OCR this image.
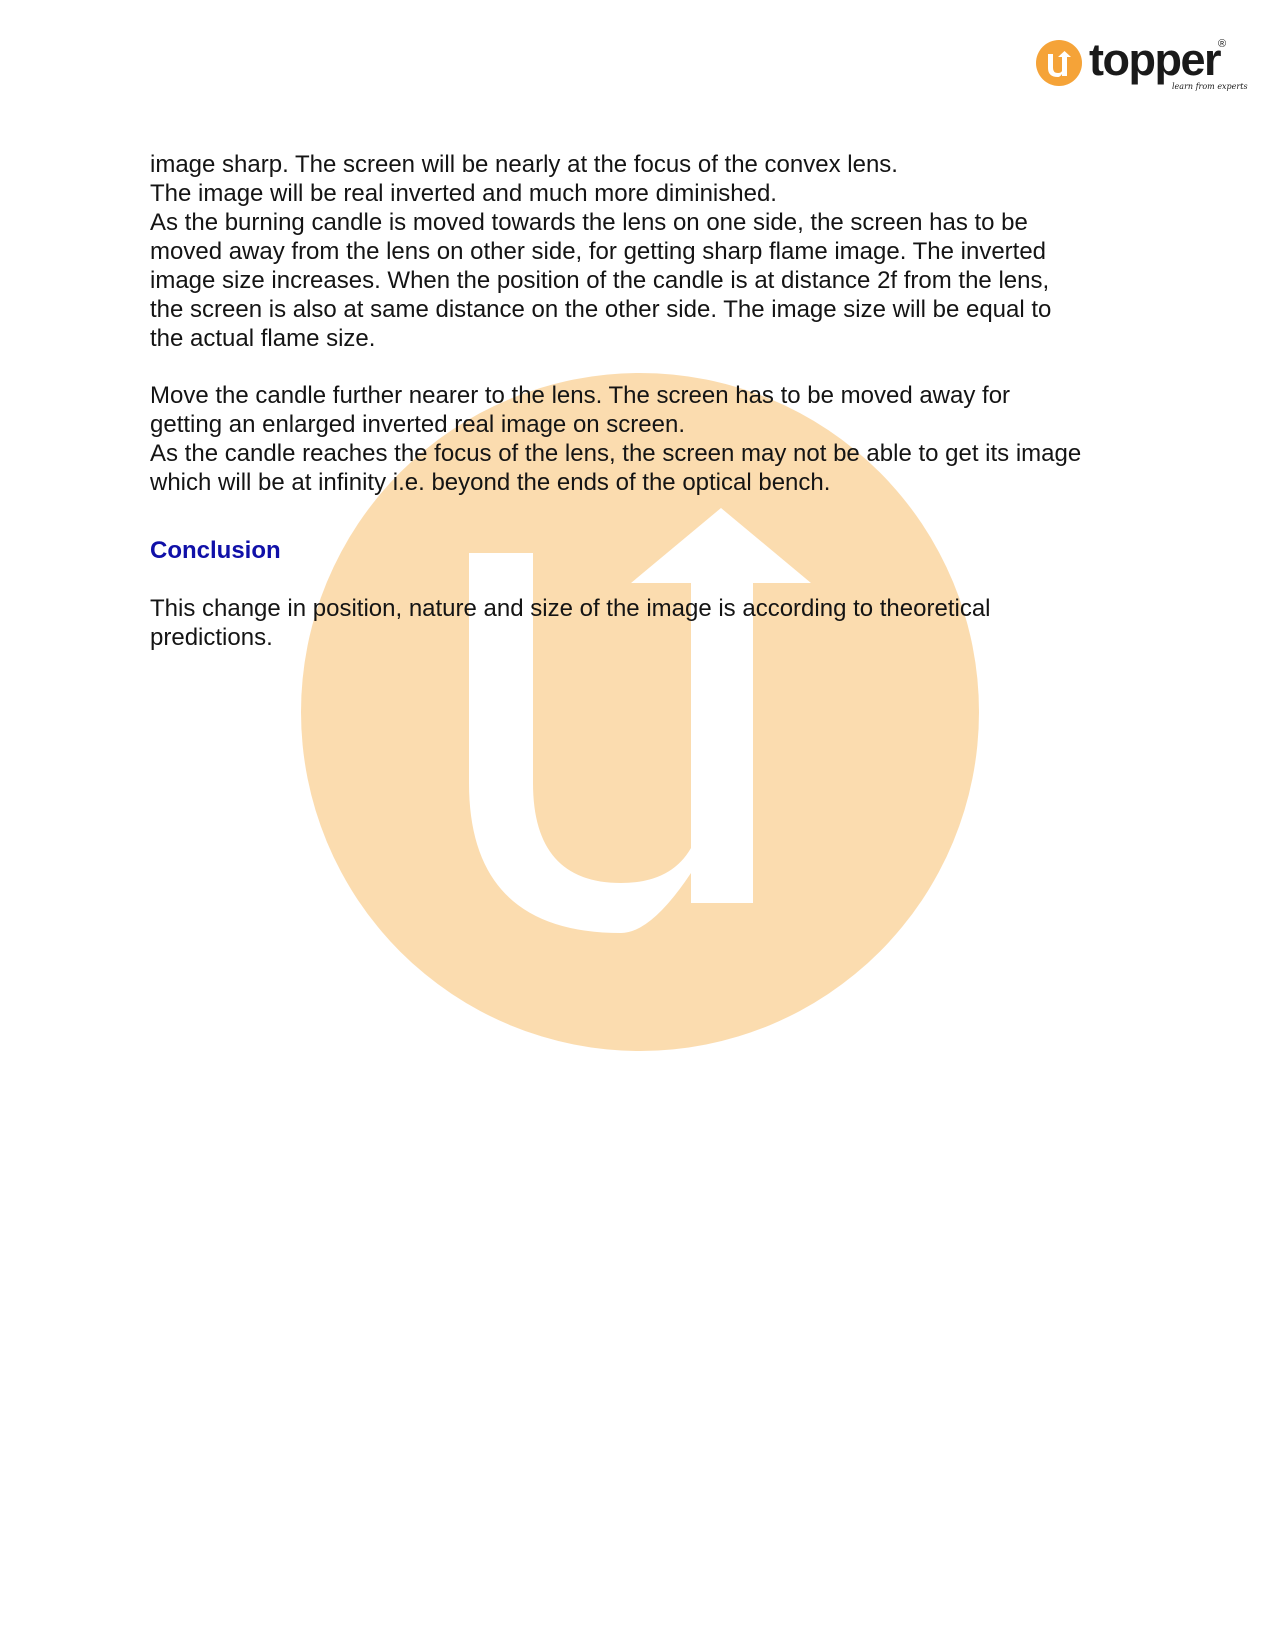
topper
®
learn from experts
image sharp. The screen will be nearly at the focus of the convex lens.
The image will be real inverted and much more diminished.
As the burning candle is moved towards the lens on one side, the screen has to be
moved away from the lens on other side, for getting sharp flame image. The inverted
image size increases. When the position of the candle is at distance 2f from the lens,
the screen is also at same distance on the other side. The image size will be equal to
the actual flame size.
Move the candle further nearer to the lens. The screen has to be moved away for
getting an enlarged inverted real image on screen.
As the candle reaches the focus of the lens, the screen may not be able to get its image
which will be at infinity i.e. beyond the ends of the optical bench.
Conclusion
This change in position, nature and size of the image is according to theoretical
predictions.
